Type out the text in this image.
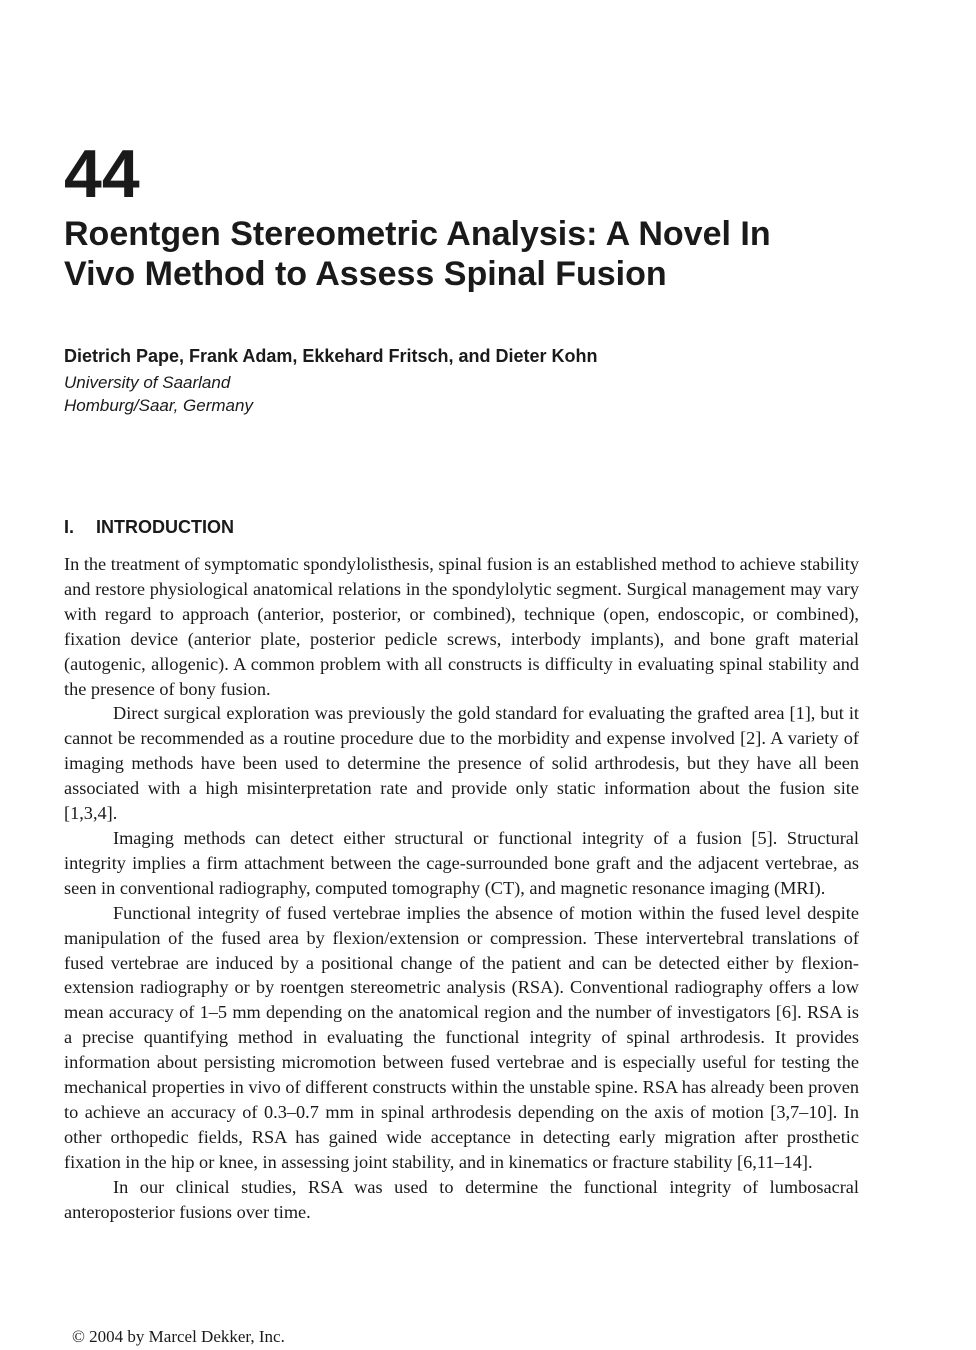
44
Roentgen Stereometric Analysis: A Novel In
Vivo Method to Assess Spinal Fusion
Dietrich Pape, Frank Adam, Ekkehard Fritsch, and Dieter Kohn
University of Saarland
Homburg/Saar, Germany
I. INTRODUCTION

In the treatment of symptomatic spondylolisthesis, spinal fusion is an established method to achieve stability and restore physiological anatomical relations in the spondylolytic segment. Surgical management may vary with regard to approach (anterior, posterior, or combined), technique (open, endoscopic, or combined), fixation device (anterior plate, posterior pedicle screws, interbody implants), and bone graft material (autogenic, allogenic). A common problem with all constructs is difficulty in evaluating spinal stability and the presence of bony fusion.

Direct surgical exploration was previously the gold standard for evaluating the grafted area [1], but it cannot be recommended as a routine procedure due to the morbidity and expense involved [2]. A variety of imaging methods have been used to determine the presence of solid arthrodesis, but they have all been associated with a high misinterpretation rate and provide only static information about the fusion site [1,3,4].

Imaging methods can detect either structural or functional integrity of a fusion [5]. Structural integrity implies a firm attachment between the cage-surrounded bone graft and the adjacent vertebrae, as seen in conventional radiography, computed tomography (CT), and magnetic resonance imaging (MRI).

Functional integrity of fused vertebrae implies the absence of motion within the fused level despite manipulation of the fused area by flexion/extension or compression. These intervertebral translations of fused vertebrae are induced by a positional change of the patient and can be detected either by flexion-extension radiography or by roentgen stereometric analysis (RSA). Conventional radiography offers a low mean accuracy of 1–5 mm depending on the anatomical region and the number of investigators [6]. RSA is a precise quantifying method in evaluating the functional integrity of spinal arthrodesis. It provides information about persisting micromotion between fused vertebrae and is especially useful for testing the mechanical properties in vivo of different constructs within the unstable spine. RSA has already been proven to achieve an accuracy of 0.3–0.7 mm in spinal arthrodesis depending on the axis of motion [3,7–10]. In other orthopedic fields, RSA has gained wide acceptance in detecting early migration after prosthetic fixation in the hip or knee, in assessing joint stability, and in kinematics or fracture stability [6,11–14].

In our clinical studies, RSA was used to determine the functional integrity of lumbosacral anteroposterior fusions over time.

© 2004 by Marcel Dekker, Inc.
